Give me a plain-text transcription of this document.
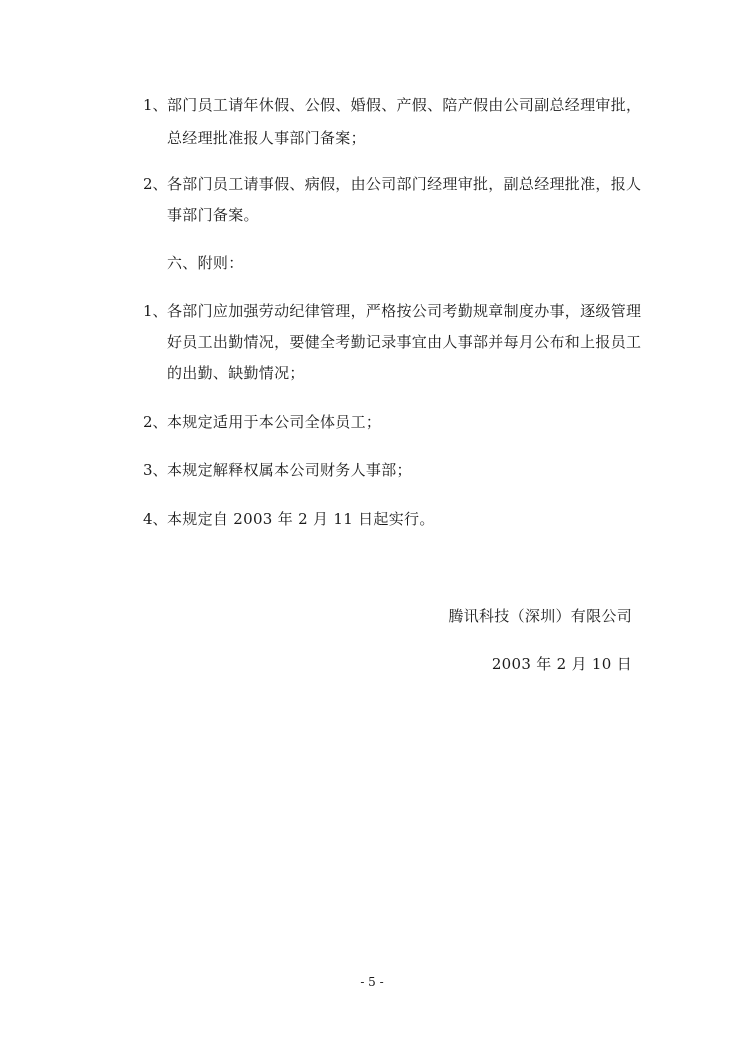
1、 部门员工请年休假、公假、婚假、产假、陪产假由公司副总经理审批，
总经理批准报人事部门备案；
2、 各部门员工请事假、病假，由公司部门经理审批，副总经理批准，报人
事部门备案。
六、附则：
1、 各部门应加强劳动纪律管理，严格按公司考勤规章制度办事，逐级管理
好员工出勤情况，要健全考勤记录事宜由人事部并每月公布和上报员工
的出勤、缺勤情况；
2、 本规定适用于本公司全体员工；
3、 本规定解释权属本公司财务人事部；
4、 本规定自 2003 年 2 月 11 日起实行。
腾讯科技（深圳）有限公司
2003 年 2 月 10 日
- 5 -
